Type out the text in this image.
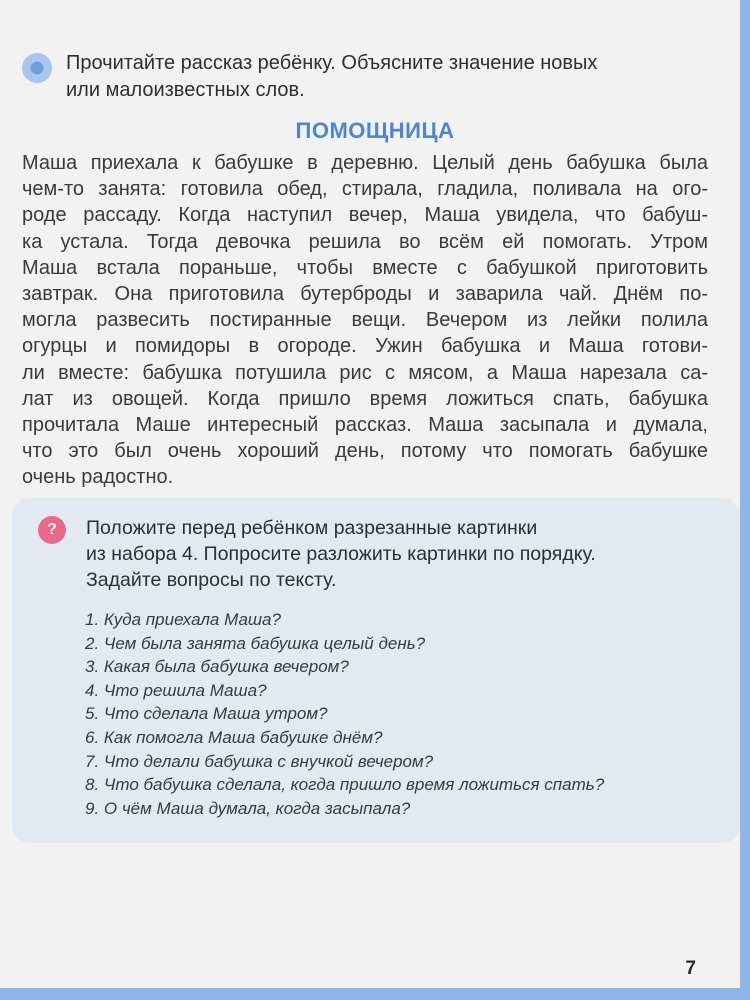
Прочитайте рассказ ребёнку. Объясните значение новых
или малоизвестных слов.
ПОМОЩНИЦА
Маша приехала к бабушке в деревню. Целый день бабушка была
чем-то занята: готовила обед, стирала, гладила, поливала на ого-
роде рассаду. Когда наступил вечер, Маша увидела, что бабуш-
ка устала. Тогда девочка решила во всём ей помогать. Утром
Маша встала пораньше, чтобы вместе с бабушкой приготовить
завтрак. Она приготовила бутерброды и заварила чай. Днём по-
могла развесить постиранные вещи. Вечером из лейки полила
огурцы и помидоры в огороде. Ужин бабушка и Маша готови-
ли вместе: бабушка потушила рис с мясом, а Маша нарезала са-
лат из овощей. Когда пришло время ложиться спать, бабушка
прочитала Маше интересный рассказ. Маша засыпала и думала,
что это был очень хороший день, потому что помогать бабушке
очень радостно.
?	Положите перед ребёнком разрезанные картинки
из набора 4. Попросите разложить картинки по порядку.
Задайте вопросы по тексту.
1. Куда приехала Маша?
2. Чем была занята бабушка целый день?
3. Какая была бабушка вечером?
4. Что решила Маша?
5. Что сделала Маша утром?
6. Как помогла Маша бабушке днём?
7. Что делали бабушка с внучкой вечером?
8. Что бабушка сделала, когда пришло время ложиться спать?
9. О чём Маша думала, когда засыпала?
7
